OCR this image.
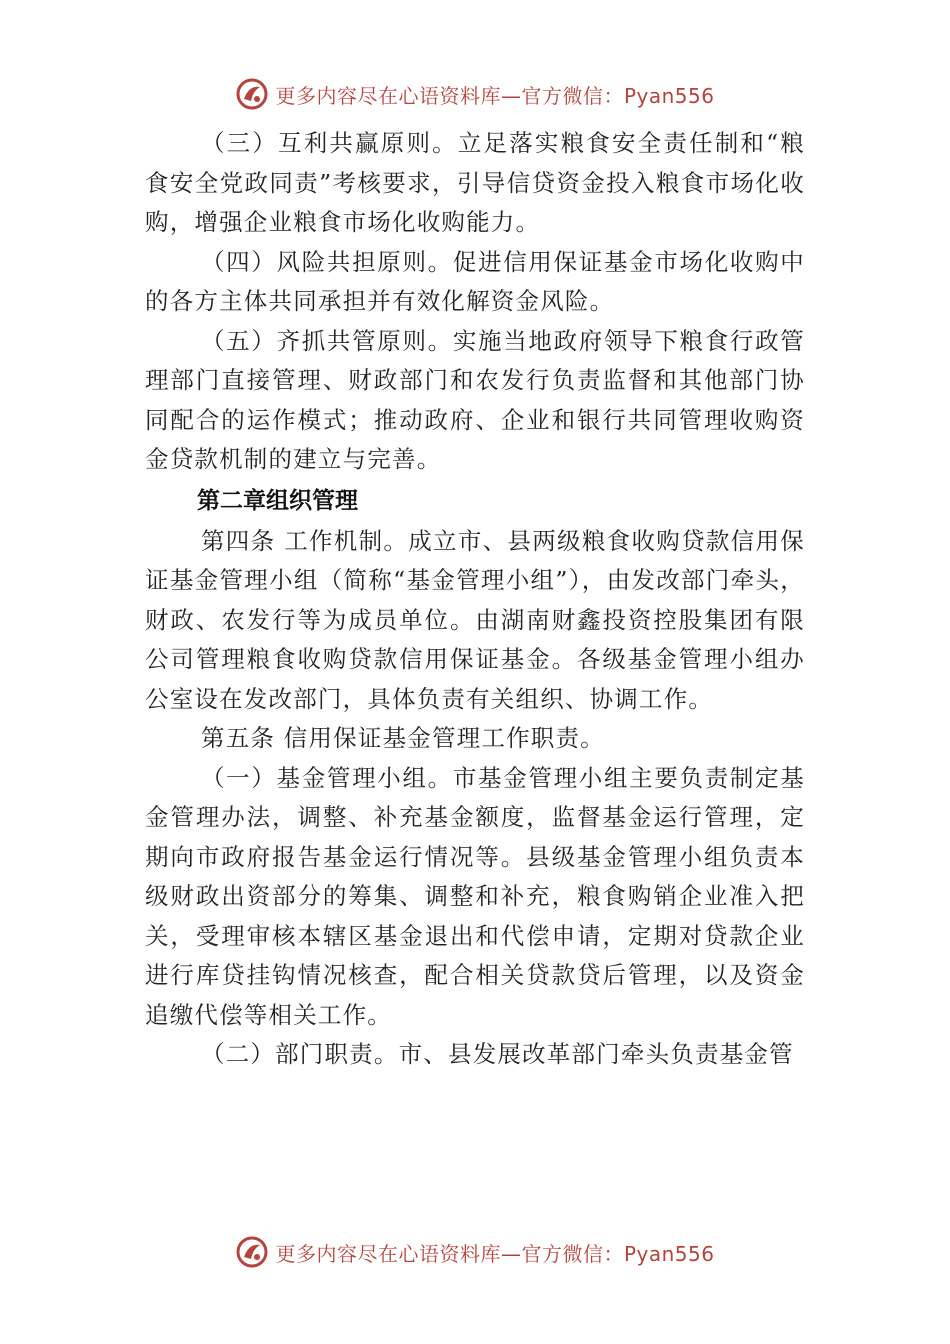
更多内容尽在心语资料库—官方微信：Pyan556

（三）互利共赢原则。立足落实粮食安全责任制和“粮食安全党政同责”考核要求，引导信贷资金投入粮食市场化收购，增强企业粮食市场化收购能力。

（四）风险共担原则。促进信用保证基金市场化收购中的各方主体共同承担并有效化解资金风险。

（五）齐抓共管原则。实施当地政府领导下粮食行政管理部门直接管理、财政部门和农发行负责监督和其他部门协同配合的运作模式；推动政府、企业和银行共同管理收购资金贷款机制的建立与完善。

第二章组织管理

第四条 工作机制。成立市、县两级粮食收购贷款信用保证基金管理小组（简称“基金管理小组”），由发改部门牵头，财政、农发行等为成员单位。由湖南财鑫投资控股集团有限公司管理粮食收购贷款信用保证基金。各级基金管理小组办公室设在发改部门，具体负责有关组织、协调工作。

第五条 信用保证基金管理工作职责。

（一）基金管理小组。市基金管理小组主要负责制定基金管理办法，调整、补充基金额度，监督基金运行管理，定期向市政府报告基金运行情况等。县级基金管理小组负责本级财政出资部分的筹集、调整和补充，粮食购销企业准入把关，受理审核本辖区基金退出和代偿申请，定期对贷款企业进行库贷挂钩情况核查，配合相关贷款贷后管理，以及资金追缴代偿等相关工作。

（二）部门职责。市、县发展改革部门牵头负责基金管

更多内容尽在心语资料库—官方微信：Pyan556
